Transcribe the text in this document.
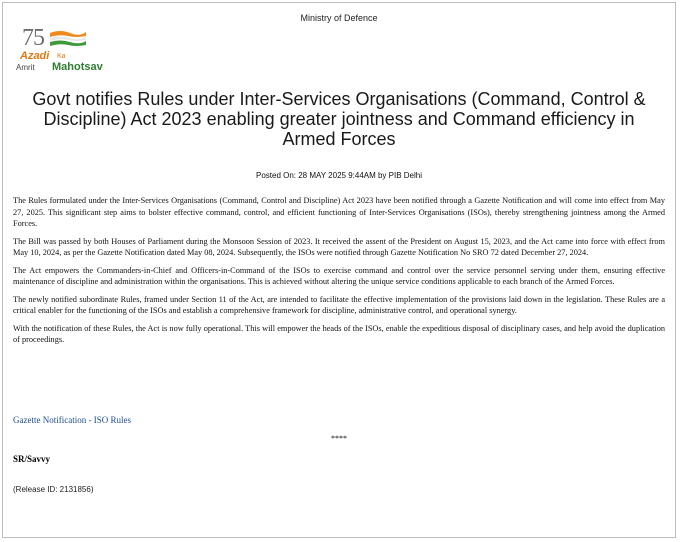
Ministry of Defence
75
Azadi Ka
Amrit Mahotsav
Govt notifies Rules under Inter-Services Organisations (Command, Control & Discipline) Act 2023 enabling greater jointness and Command efficiency in Armed Forces
Posted On: 28 MAY 2025 9:44AM by PIB Delhi

The Rules formulated under the Inter-Services Organisations (Command, Control and Discipline) Act 2023 have been notified through a Gazette Notification and will come into effect from May 27, 2025. This significant step aims to bolster effective command, control, and efficient functioning of Inter-Services Organisations (ISOs), thereby strengthening jointness among the Armed Forces.

The Bill was passed by both Houses of Parliament during the Monsoon Session of 2023. It received the assent of the President on August 15, 2023, and the Act came into force with effect from May 10, 2024, as per the Gazette Notification dated May 08, 2024. Subsequently, the ISOs were notified through Gazette Notification No SRO 72 dated December 27, 2024.

The Act empowers the Commanders-in-Chief and Officers-in-Command of the ISOs to exercise command and control over the service personnel serving under them, ensuring effective maintenance of discipline and administration within the organisations. This is achieved without altering the unique service conditions applicable to each branch of the Armed Forces.

The newly notified subordinate Rules, framed under Section 11 of the Act, are intended to facilitate the effective implementation of the provisions laid down in the legislation. These Rules are a critical enabler for the functioning of the ISOs and establish a comprehensive framework for discipline, administrative control, and operational synergy.

With the notification of these Rules, the Act is now fully operational. This will empower the heads of the ISOs, enable the expeditious disposal of disciplinary cases, and help avoid the duplication of proceedings.

Gazette Notification - ISO Rules
****
SR/Savvy
(Release ID: 2131856)
